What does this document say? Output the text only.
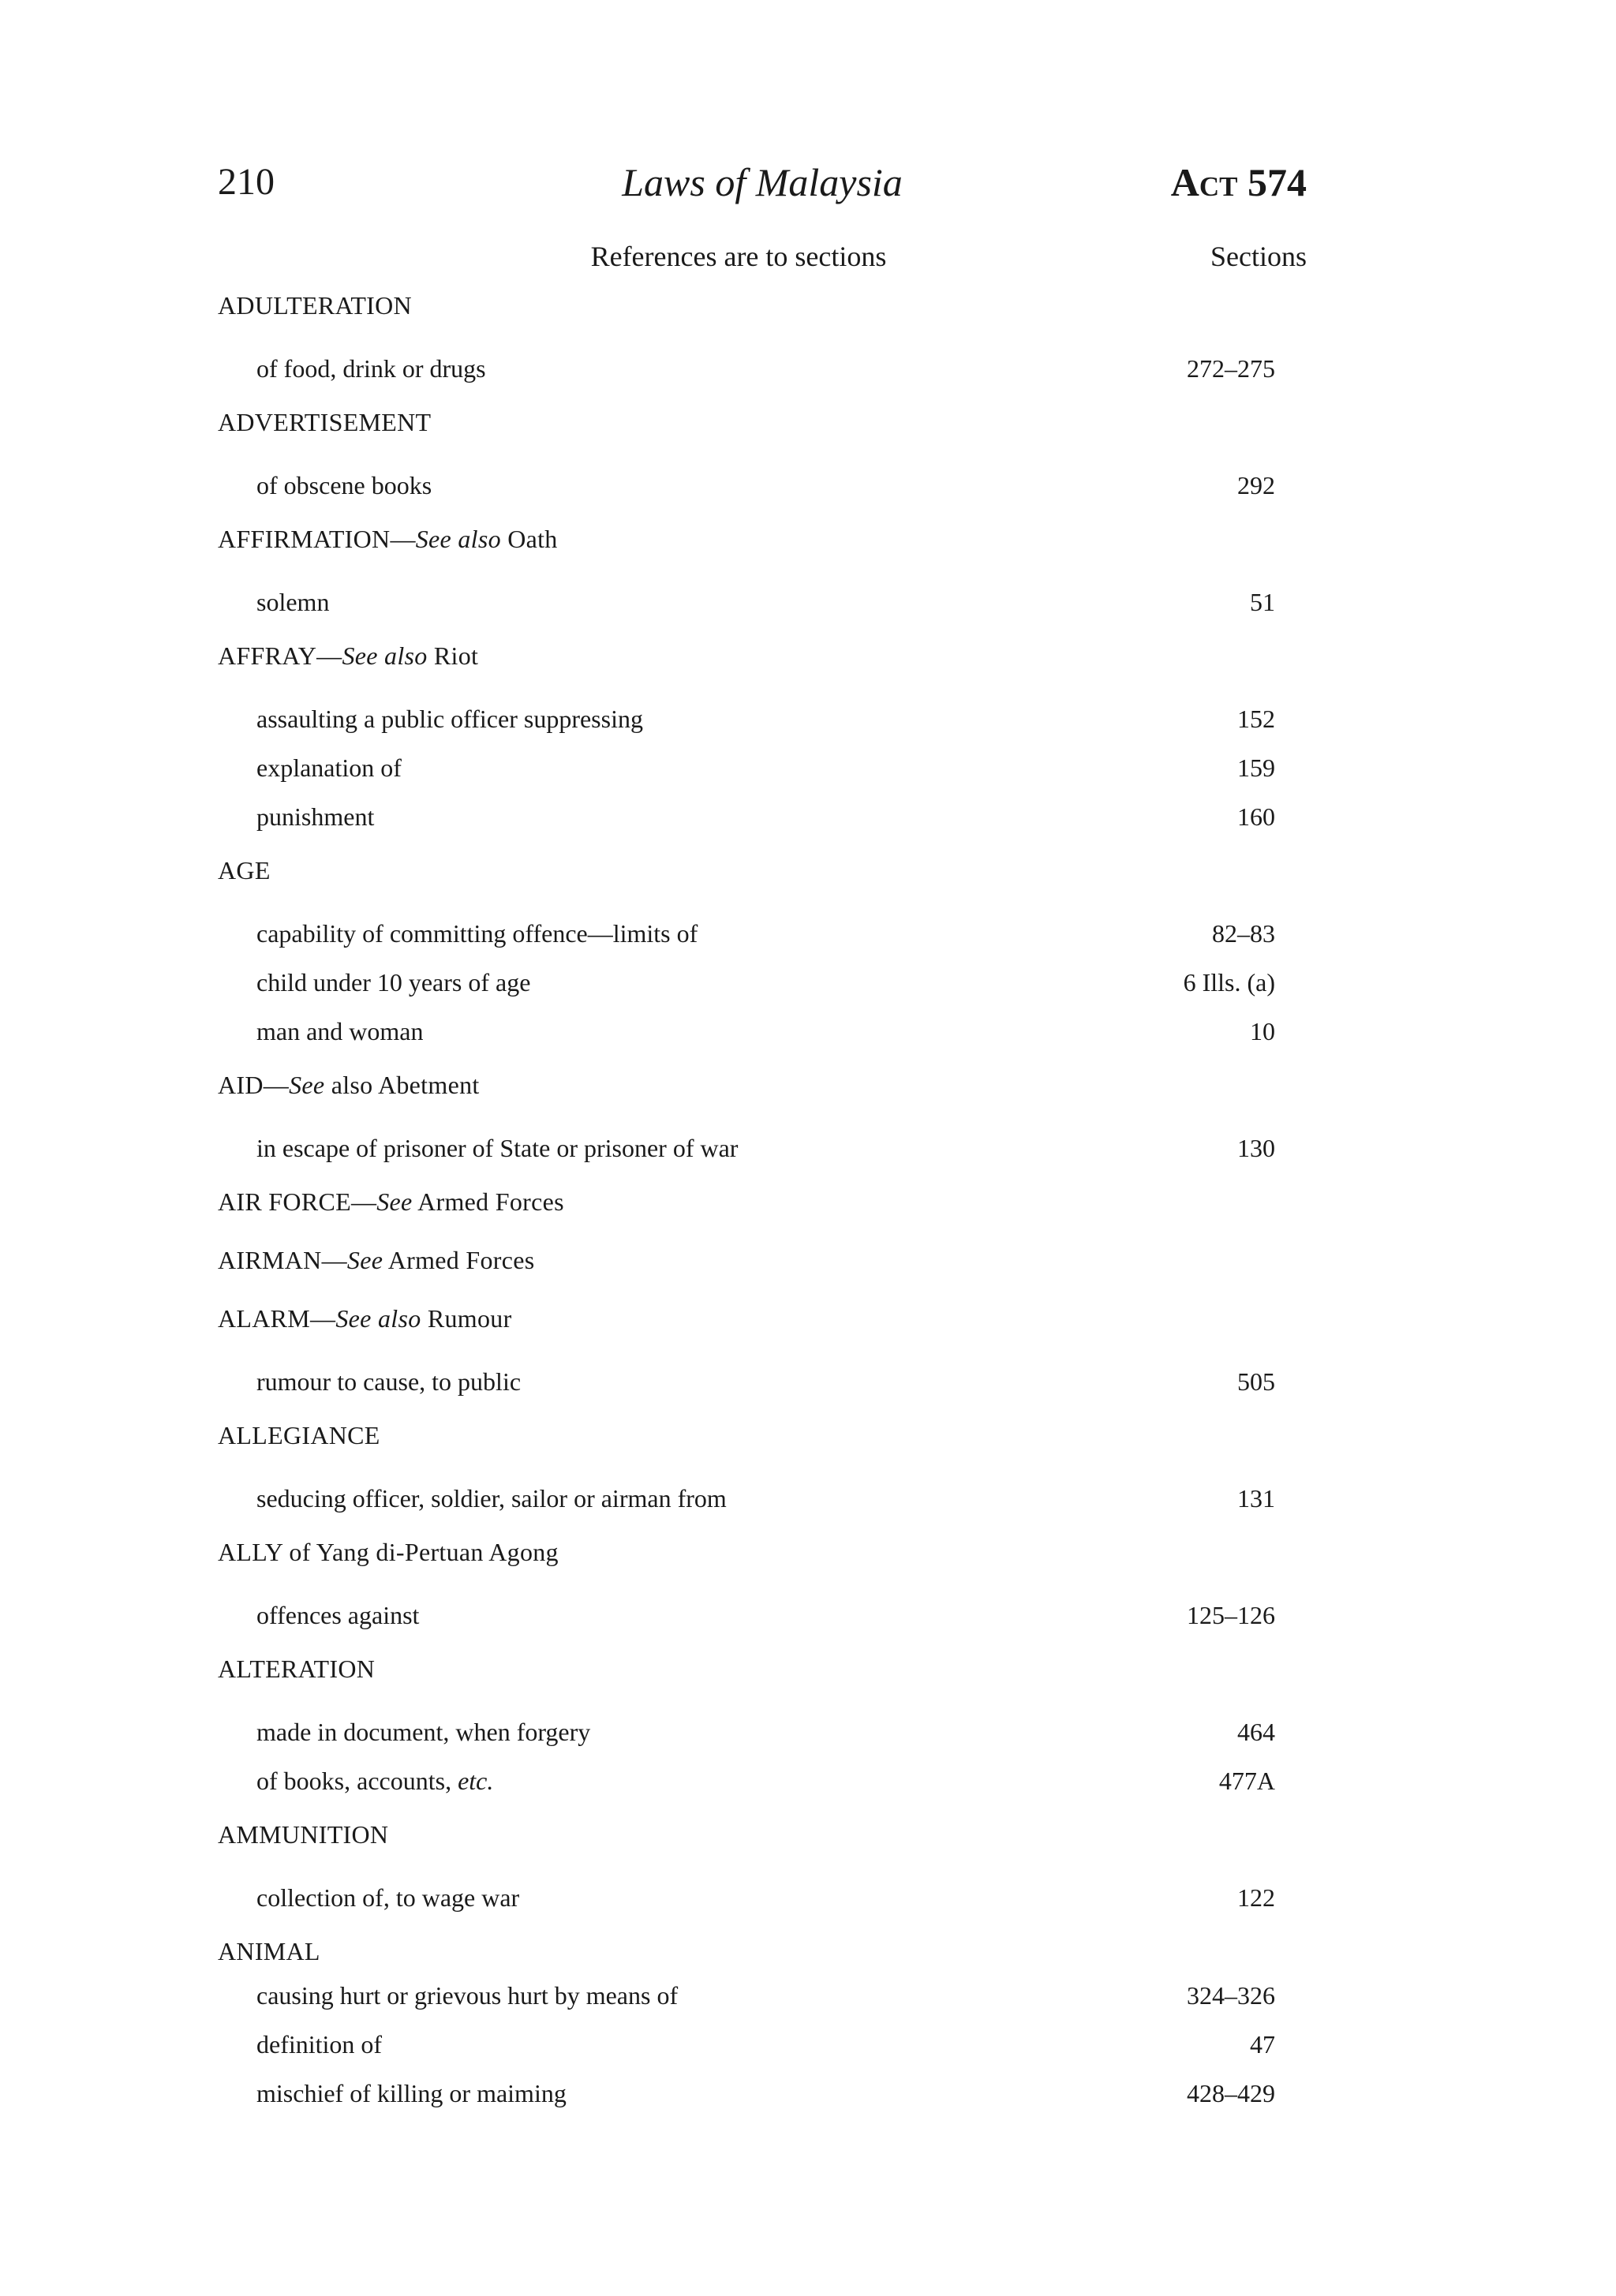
210	Laws of Malaysia	Act 574
References are to sections	Sections
ADULTERATION
of food, drink or drugs	272–275
ADVERTISEMENT
of obscene books	292
AFFIRMATION—See also Oath
solemn	51
AFFRAY—See also Riot
assaulting a public officer suppressing	152
explanation of	159
punishment	160
AGE
capability of committing offence—limits of	82–83
child under 10 years of age	6 Ills. (a)
man and woman	10
AID—See also Abetment
in escape of prisoner of State or prisoner of war	130
AIR FORCE—See Armed Forces
AIRMAN—See Armed Forces
ALARM—See also Rumour
rumour to cause, to public	505
ALLEGIANCE
seducing officer, soldier, sailor or airman from	131
ALLY of Yang di-Pertuan Agong
offences against	125–126
ALTERATION
made in document, when forgery	464
of books, accounts, etc.	477A
AMMUNITION
collection of, to wage war	122
ANIMAL
causing hurt or grievous hurt by means of	324–326
definition of	47
mischief of killing or maiming	428–429
